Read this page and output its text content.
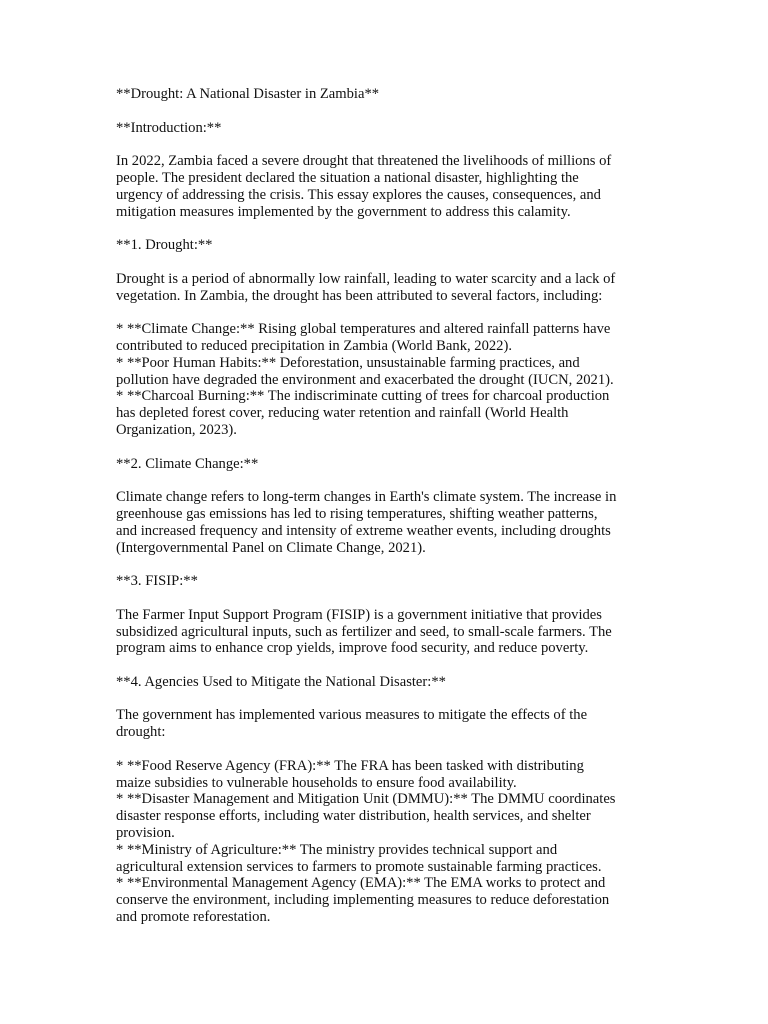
**Drought: A National Disaster in Zambia**

**Introduction:**

In 2022, Zambia faced a severe drought that threatened the livelihoods of millions of
people. The president declared the situation a national disaster, highlighting the
urgency of addressing the crisis. This essay explores the causes, consequences, and
mitigation measures implemented by the government to address this calamity.

**1. Drought:**

Drought is a period of abnormally low rainfall, leading to water scarcity and a lack of
vegetation. In Zambia, the drought has been attributed to several factors, including:
* **Climate Change:** Rising global temperatures and altered rainfall patterns have
contributed to reduced precipitation in Zambia (World Bank, 2022).
* **Poor Human Habits:** Deforestation, unsustainable farming practices, and
pollution have degraded the environment and exacerbated the drought (IUCN, 2021).
* **Charcoal Burning:** The indiscriminate cutting of trees for charcoal production
has depleted forest cover, reducing water retention and rainfall (World Health
Organization, 2023).

**2. Climate Change:**

Climate change refers to long-term changes in Earth's climate system. The increase in
greenhouse gas emissions has led to rising temperatures, shifting weather patterns,
and increased frequency and intensity of extreme weather events, including droughts
(Intergovernmental Panel on Climate Change, 2021).

**3. FISIP:**

The Farmer Input Support Program (FISIP) is a government initiative that provides
subsidized agricultural inputs, such as fertilizer and seed, to small-scale farmers. The
program aims to enhance crop yields, improve food security, and reduce poverty.

**4. Agencies Used to Mitigate the National Disaster:**

The government has implemented various measures to mitigate the effects of the
drought:
* **Food Reserve Agency (FRA):** The FRA has been tasked with distributing
maize subsidies to vulnerable households to ensure food availability.
* **Disaster Management and Mitigation Unit (DMMU):** The DMMU coordinates
disaster response efforts, including water distribution, health services, and shelter
provision.
* **Ministry of Agriculture:** The ministry provides technical support and
agricultural extension services to farmers to promote sustainable farming practices.
* **Environmental Management Agency (EMA):** The EMA works to protect and
conserve the environment, including implementing measures to reduce deforestation
and promote reforestation.
